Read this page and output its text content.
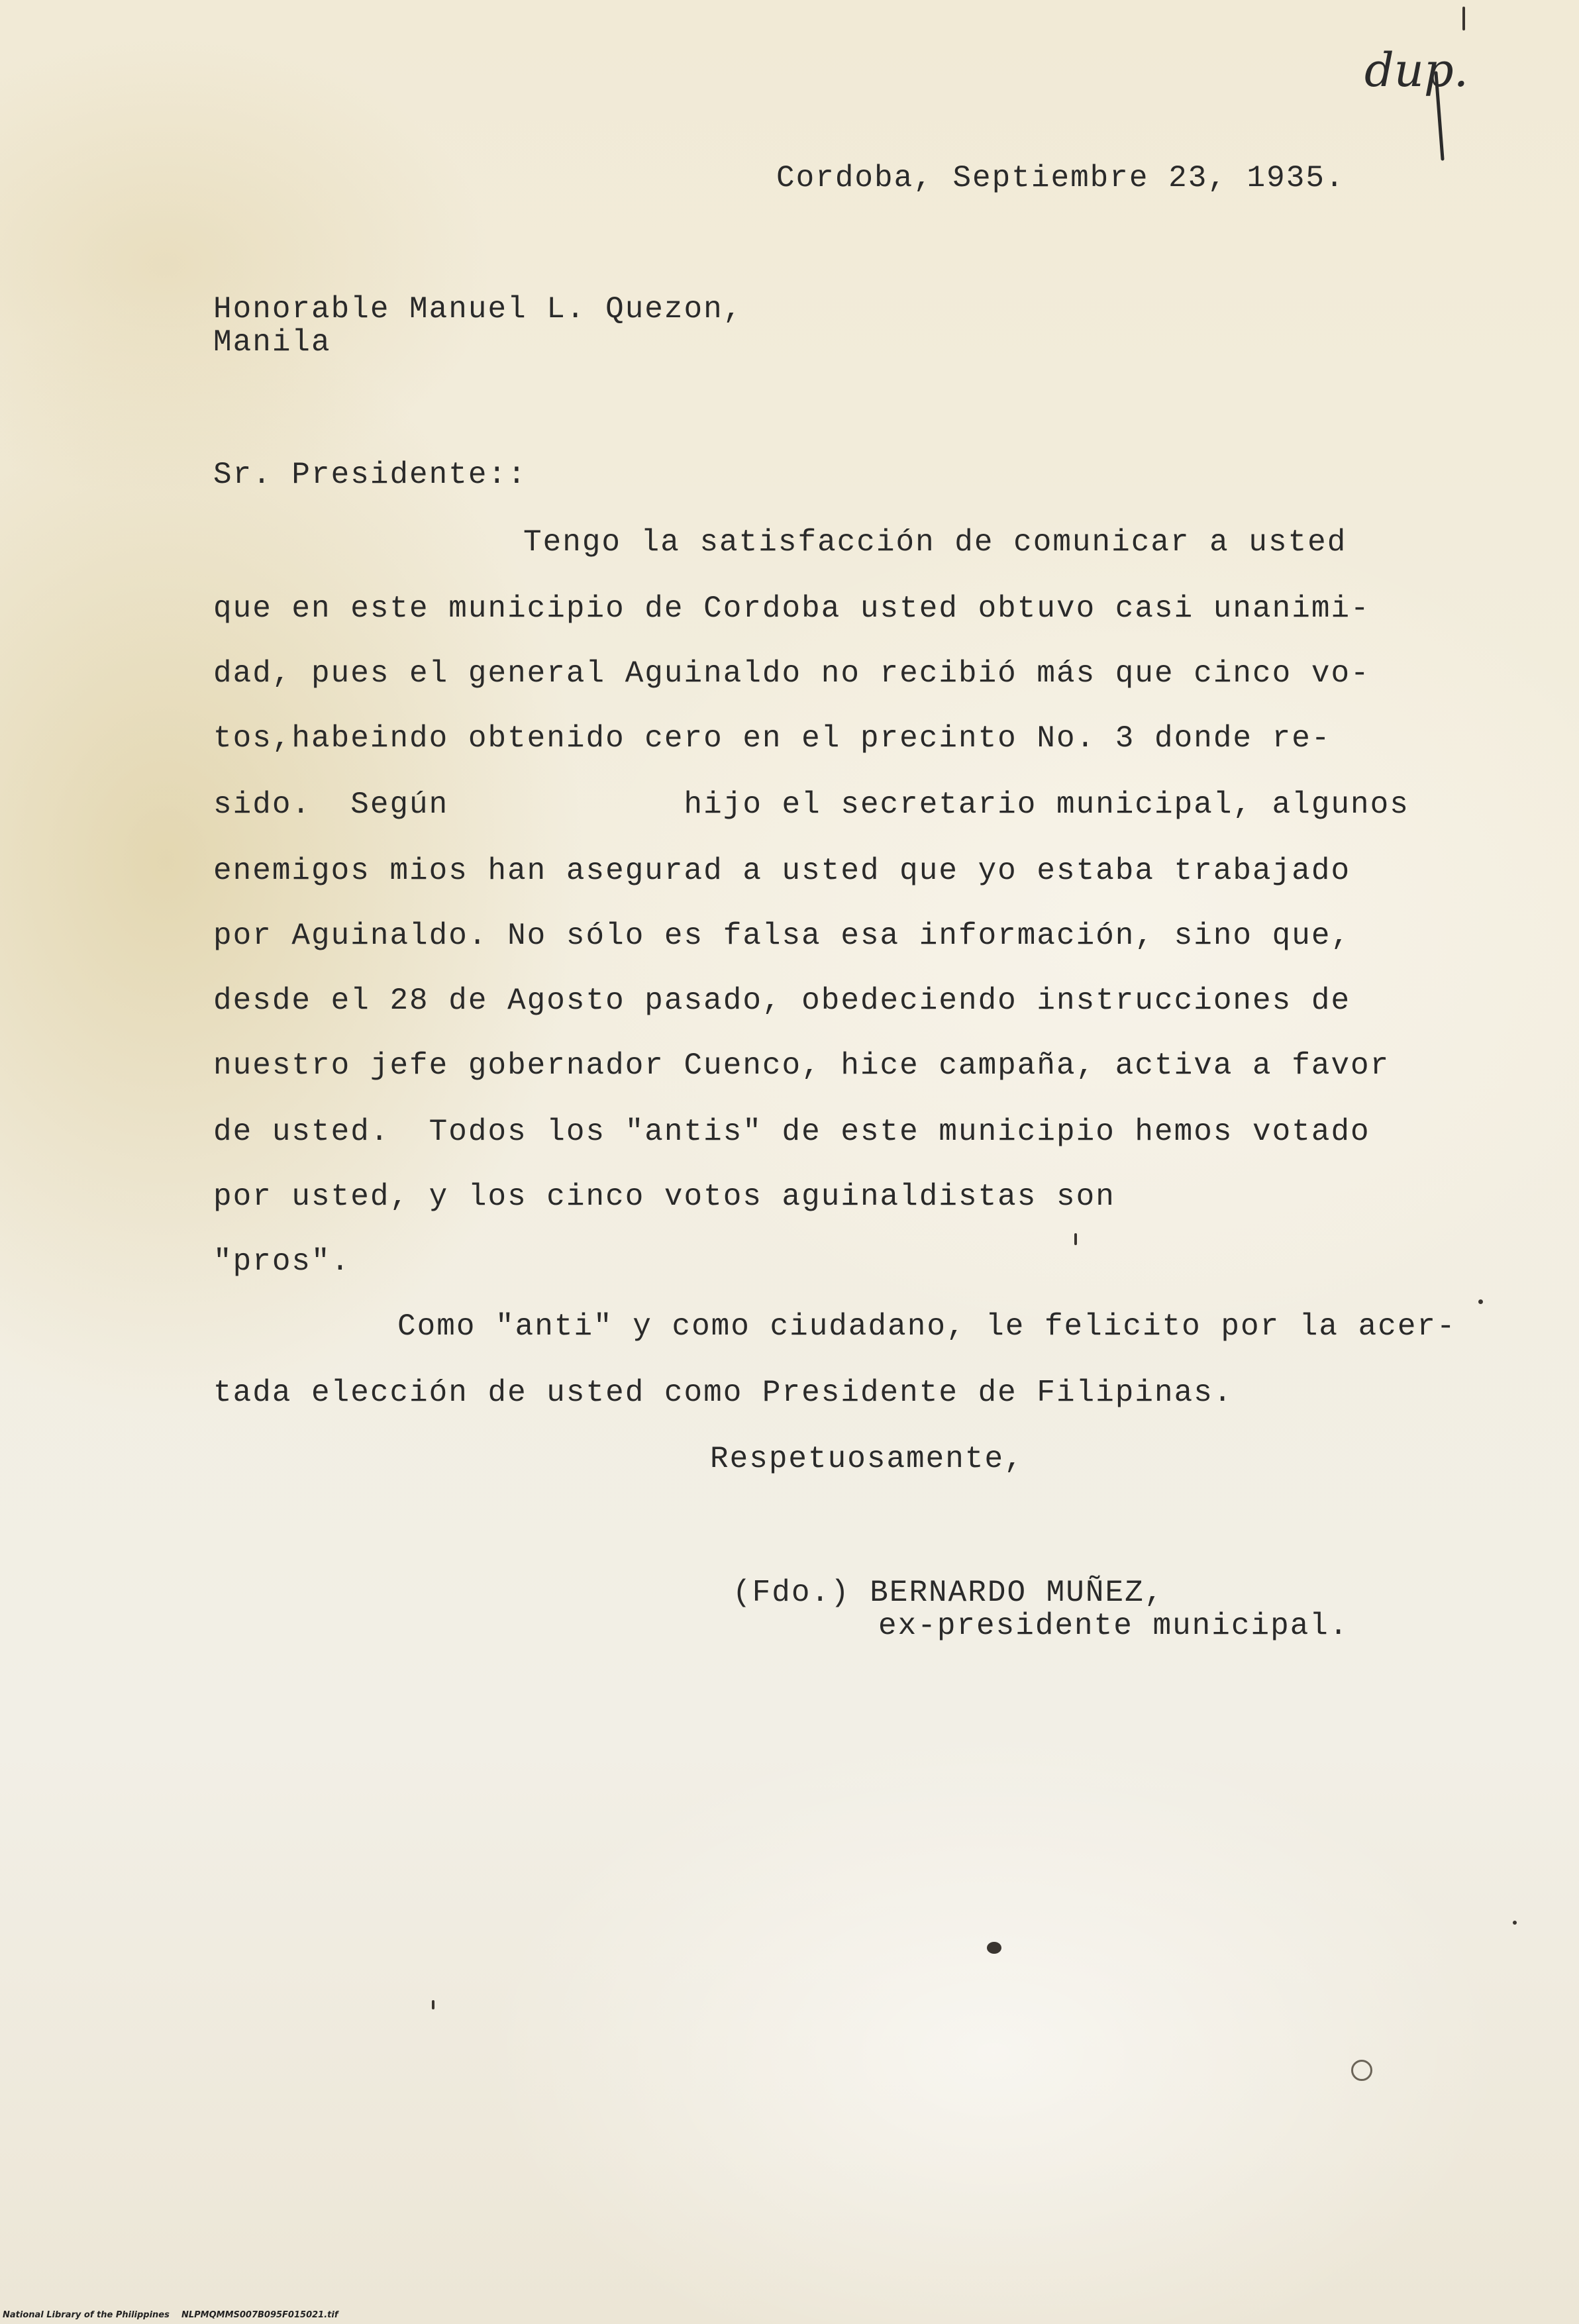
dup.
Cordoba, Septiembre 23, 1935.
Honorable Manuel L. Quezon,
Manila
Sr. Presidente::
Tengo la satisfacción de comunicar a usted
que en este municipio de Cordoba usted obtuvo casi unanimi-
dad, pues el general Aguinaldo no recibió más que cinco vo-
tos,habeindo obtenido cero en el precinto No. 3 donde re-
sido.  Según            hijo el secretario municipal, algunos
enemigos mios han asegurad a usted que yo estaba trabajado
por Aguinaldo. No sólo es falsa esa información, sino que,
desde el 28 de Agosto pasado, obedeciendo instrucciones de
nuestro jefe gobernador Cuenco, hice campaña, activa a favor
de usted.  Todos los "antis" de este municipio hemos votado
por usted, y los cinco votos aguinaldistas son
"pros".
Como "anti" y como ciudadano, le felicito por la acer-
tada elección de usted como Presidente de Filipinas.
Respetuosamente,
(Fdo.) BERNARDO MUÑEZ,
ex-presidente municipal.
National Library of the Philippines    NLPMQMMS007B095F015021.tif
